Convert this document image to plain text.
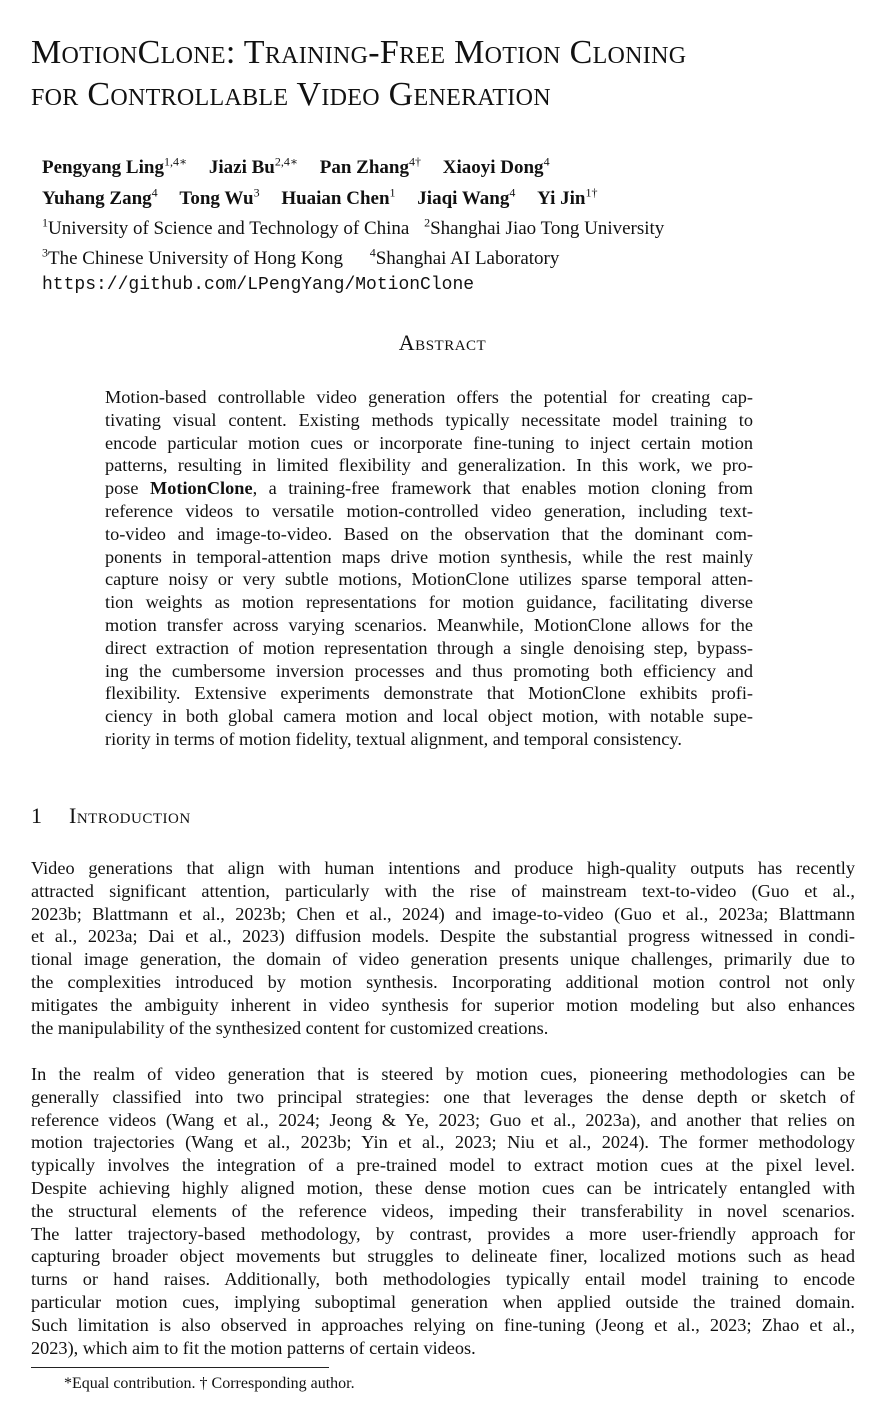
MotionClone: Training-Free Motion Cloning
for Controllable Video Generation
Pengyang Ling$^{1,4∗}$ Jiazi $Bu^{2,4∗}$ Pan Zhang$^{4\dagger}$ Xiaoyi Dong$^4$
Yuhang Zang$^4$ Tong Wu$^3$ Huaian Chen$^1$ Jiaqi Wang$^4$ Yi Jin$^{1\dagger}$
$^1$University of Science and Technology of China $^2$Shanghai Jiao Tong University
$^3$The Chinese University of Hong Kong $^4$Shanghai AI Laboratory
https://github.com/LPengYang/MotionClone
Abstract
Motion-based controllable video generation offers the potential for creating cap-
tivating visual content. Existing methods typically necessitate model training to
encode particular motion cues or incorporate fine-tuning to inject certain motion
patterns, resulting in limited flexibility and generalization. In this work, we pro-
pose MotionClone, a training-free framework that enables motion cloning from
reference videos to versatile motion-controlled video generation, including text-
to-video and image-to-video. Based on the observation that the dominant com-
ponents in temporal-attention maps drive motion synthesis, while the rest mainly
capture noisy or very subtle motions, MotionClone utilizes sparse temporal atten-
tion weights as motion representations for motion guidance, facilitating diverse
motion transfer across varying scenarios. Meanwhile, MotionClone allows for the
direct extraction of motion representation through a single denoising step, bypass-
ing the cumbersome inversion processes and thus promoting both efficiency and
flexibility. Extensive experiments demonstrate that MotionClone exhibits profi-
ciency in both global camera motion and local object motion, with notable supe-
riority in terms of motion fidelity, textual alignment, and temporal consistency.
1 Introduction
Video generations that align with human intentions and produce high-quality outputs has recently
attracted significant attention, particularly with the rise of mainstream text-to-video (Guo et al.,
2023b; Blattmann et al., 2023b; Chen et al., 2024) and image-to-video (Guo et al., 2023a; Blattmann
et al., 2023a; Dai et al., 2023) diffusion models. Despite the substantial progress witnessed in condi-
tional image generation, the domain of video generation presents unique challenges, primarily due to
the complexities introduced by motion synthesis. Incorporating additional motion control not only
mitigates the ambiguity inherent in video synthesis for superior motion modeling but also enhances
the manipulability of the synthesized content for customized creations.
In the realm of video generation that is steered by motion cues, pioneering methodologies can be
generally classified into two principal strategies: one that leverages the dense depth or sketch of
reference videos (Wang et al., 2024; Jeong & Ye, 2023; Guo et al., 2023a), and another that relies on
motion trajectories (Wang et al., 2023b; Yin et al., 2023; Niu et al., 2024). The former methodology
typically involves the integration of a pre-trained model to extract motion cues at the pixel level.
Despite achieving highly aligned motion, these dense motion cues can be intricately entangled with
the structural elements of the reference videos, impeding their transferability in novel scenarios.
The latter trajectory-based methodology, by contrast, provides a more user-friendly approach for
capturing broader object movements but struggles to delineate finer, localized motions such as head
turns or hand raises. Additionally, both methodologies typically entail model training to encode
particular motion cues, implying suboptimal generation when applied outside the trained domain.
Such limitation is also observed in approaches relying on fine-tuning (Jeong et al., 2023; Zhao et al.,
2023), which aim to fit the motion patterns of certain videos.
*Equal contribution. † Corresponding author.
